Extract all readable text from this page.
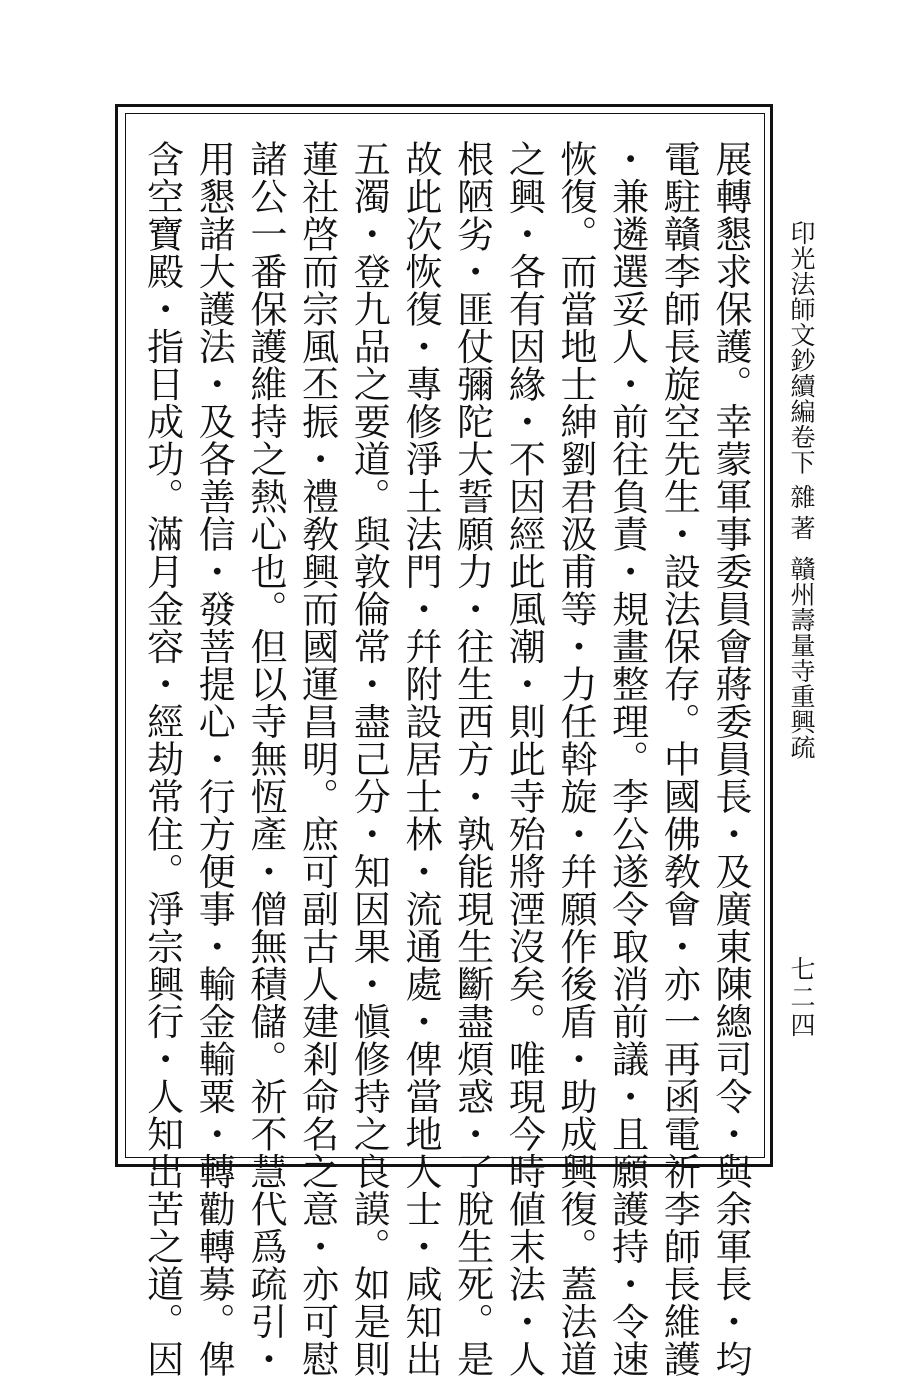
印光法師文鈔續編卷下
雜著
贛州壽量寺重興疏
七二四
展轉懇求保護。幸蒙軍事委員會蔣委員長・及廣東陳總司令・與余軍長・均
電駐贛李師長旋空先生・設法保存。中國佛敎會・亦一再函電祈李師長維護
・兼遴選妥人・前往負責・規畫整理。李公遂令取消前議・且願護持・令速
恢復。而當地士紳劉君汲甫等・力任斡旋・幷願作後盾・助成興復。蓋法道
之興・各有因緣・不因經此風潮・則此寺殆將湮沒矣。唯現今時値末法・人
根陋劣・匪仗彌陀大誓願力・往生西方・孰能現生斷盡煩惑・了脫生死。是
故此次恢復・專修淨土法門・幷附設居士林・流通處・俾當地人士・咸知出
五濁・登九品之要道。與敦倫常・盡己分・知因果・愼修持之良謨。如是則
蓮社啓而宗風丕振・禮敎興而國運昌明。庶可副古人建剎命名之意・亦可慰
諸公一番保護維持之熱心也。但以寺無恆產・僧無積儲。祈不慧代爲疏引・
用懇諸大護法・及各善信・發菩提心・行方便事・輸金輸粟・轉勸轉募。俾
含空寶殿・指日成功。滿月金容・經劫常住。淨宗興行・人知出苦之道。因
